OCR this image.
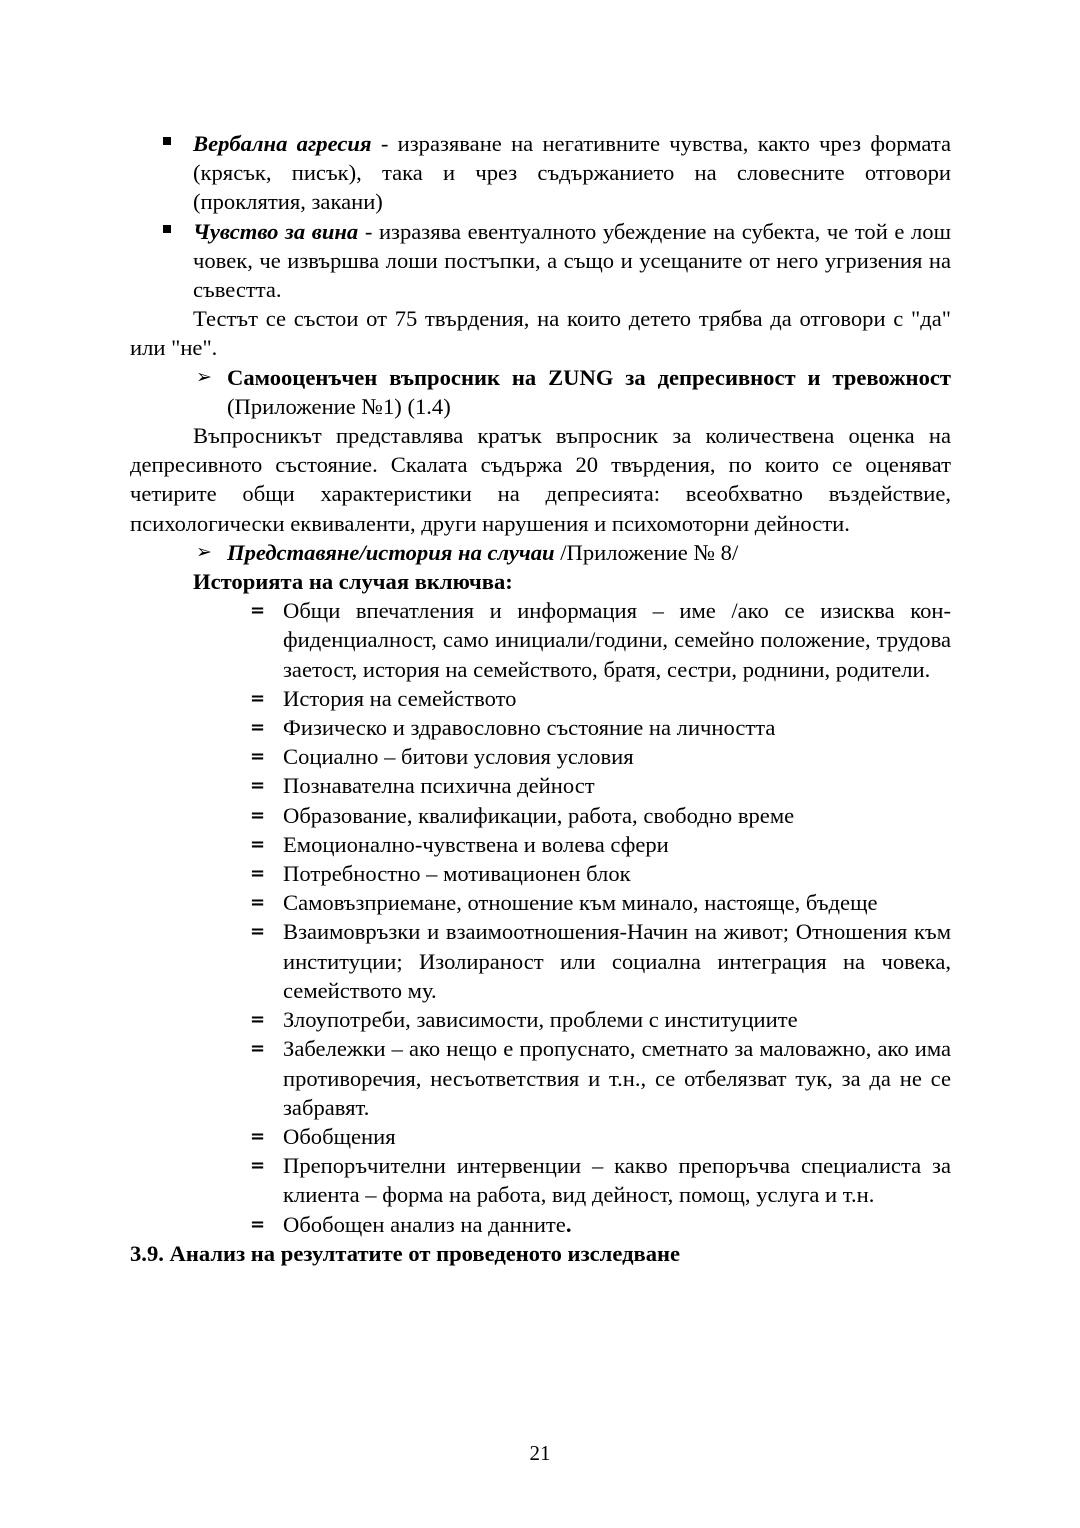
Вербална агресия - изразяване на негативните чувства, както чрез формата (крясък, писък), така и чрез съдържанието на словесните отговори (проклятия, закани)
Чувство за вина - изразява евентуалното убеждение на субекта, че той е лош човек, че извършва лоши постъпки, а също и усещаните от него угризения на съвестта.
Тестът се състои от 75 твърдения, на които детето трябва да отговори с "да" или "не".
➢ Самооценъчен въпросник на ZUNG за депресивност и тревожност (Приложение №1) (1.4)
Въпросникът представлява кратък въпросник за количествена оценка на депресивното състояние. Скалата съдържа 20 твърдения, по които се оценяват четирите общи характеристики на депресията: всеобхватно въздействие, психологически еквиваленти, други нарушения и психомоторни дейности.
➢ Представяне/история на случаи /Приложение № 8/
Историята на случая включва:
= Общи впечатления и информация – име /ако се изисква конфиденциалност, само инициали/години, семейно положение, трудова заетост, история на семейството, братя, сестри, роднини, родители.
= История на семейството
= Физическо и здравословно състояние на личността
= Социално – битови условия условия
= Познавателна психична дейност
= Образование, квалификации, работа, свободно време
= Емоционално-чувствена и волева сфери
= Потребностно – мотивационен блок
= Самовъзприемане, отношение към минало, настояще, бъдеще
= Взаимовръзки и взаимоотношения-Начин на живот; Отношения към институции; Изолираност или социална интеграция на човека, семейството му.
= Злоупотреби, зависимости, проблеми с институциите
= Забележки – ако нещо е пропуснато, сметнато за маловажно, ако има противоречия, несъответствия и т.н., се отбелязват тук, за да не се забравят.
= Обобщения
= Препоръчителни интервенции – какво препоръчва специалиста за клиента – форма на работа, вид дейност, помощ, услуга и т.н.
= Обобощен анализ на данните.
3.9. Анализ на резултатите от проведеното изследване
21
